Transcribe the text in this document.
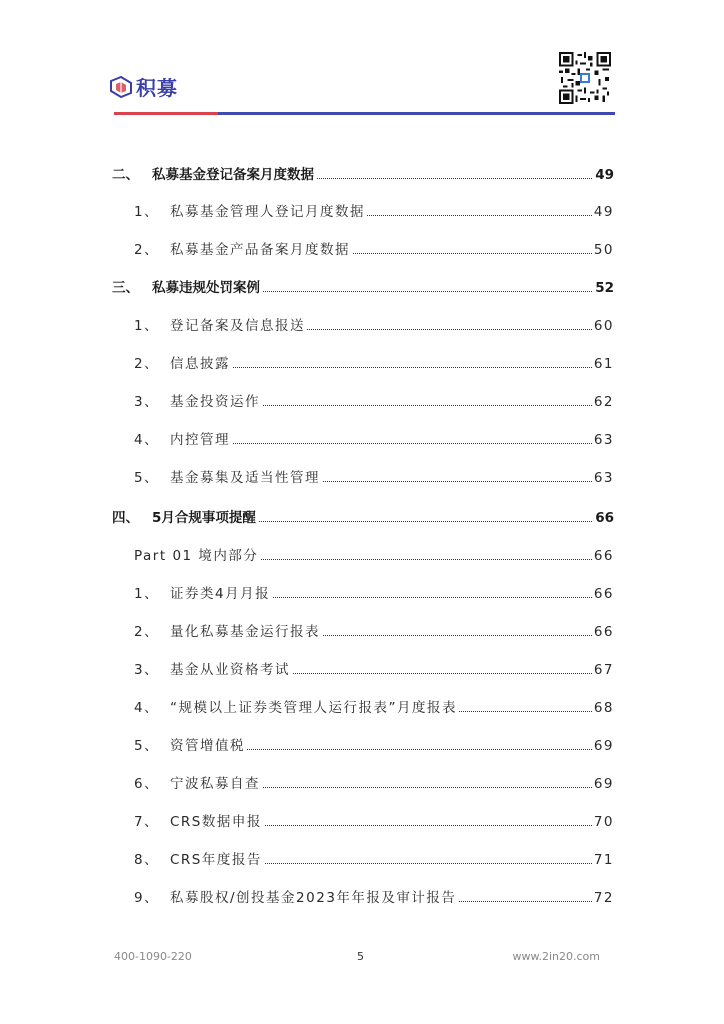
积募
二、 私募基金登记备案月度数据	49
1、 私募基金管理人登记月度数据	49
2、 私募基金产品备案月度数据	50
三、 私募违规处罚案例	52
1、 登记备案及信息报送	60
2、 信息披露	61
3、 基金投资运作	62
4、 内控管理	63
5、 基金募集及适当性管理	63
四、 5月合规事项提醒	66
Part 01 境内部分	66
1、 证券类4月月报	66
2、 量化私募基金运行报表	66
3、 基金从业资格考试	67
4、 “规模以上证券类管理人运行报表”月度报表	68
5、 资管增值税	69
6、 宁波私募自查	69
7、 CRS数据申报	70
8、 CRS年度报告	71
9、 私募股权/创投基金2023年年报及审计报告	72
400-1090-220	5	www.2in20.com
